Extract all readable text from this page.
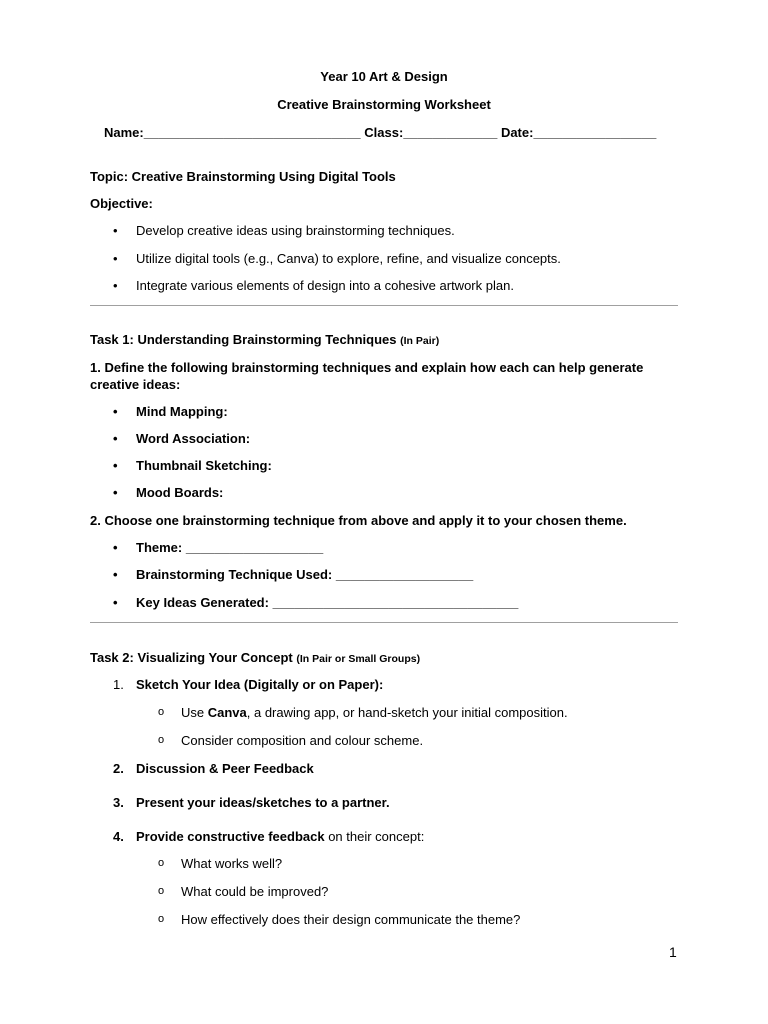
Year 10 Art & Design
Creative Brainstorming Worksheet
Name:______________________________ Class:_____________ Date:_________________
Topic: Creative Brainstorming Using Digital Tools
Objective:
• Develop creative ideas using brainstorming techniques.
• Utilize digital tools (e.g., Canva) to explore, refine, and visualize concepts.
• Integrate various elements of design into a cohesive artwork plan.
Task 1: Understanding Brainstorming Techniques (In Pair)
1. Define the following brainstorming techniques and explain how each can help generate
creative ideas:
• Mind Mapping:
• Word Association:
• Thumbnail Sketching:
• Mood Boards:
2. Choose one brainstorming technique from above and apply it to your chosen theme.
• Theme: ___________________
• Brainstorming Technique Used: ___________________
• Key Ideas Generated: __________________________________
Task 2: Visualizing Your Concept (In Pair or Small Groups)
1. Sketch Your Idea (Digitally or on Paper):
o Use Canva, a drawing app, or hand-sketch your initial composition.
o Consider composition and colour scheme.
2. Discussion & Peer Feedback
3. Present your ideas/sketches to a partner.
4. Provide constructive feedback on their concept:
o What works well?
o What could be improved?
o How effectively does their design communicate the theme?
1
